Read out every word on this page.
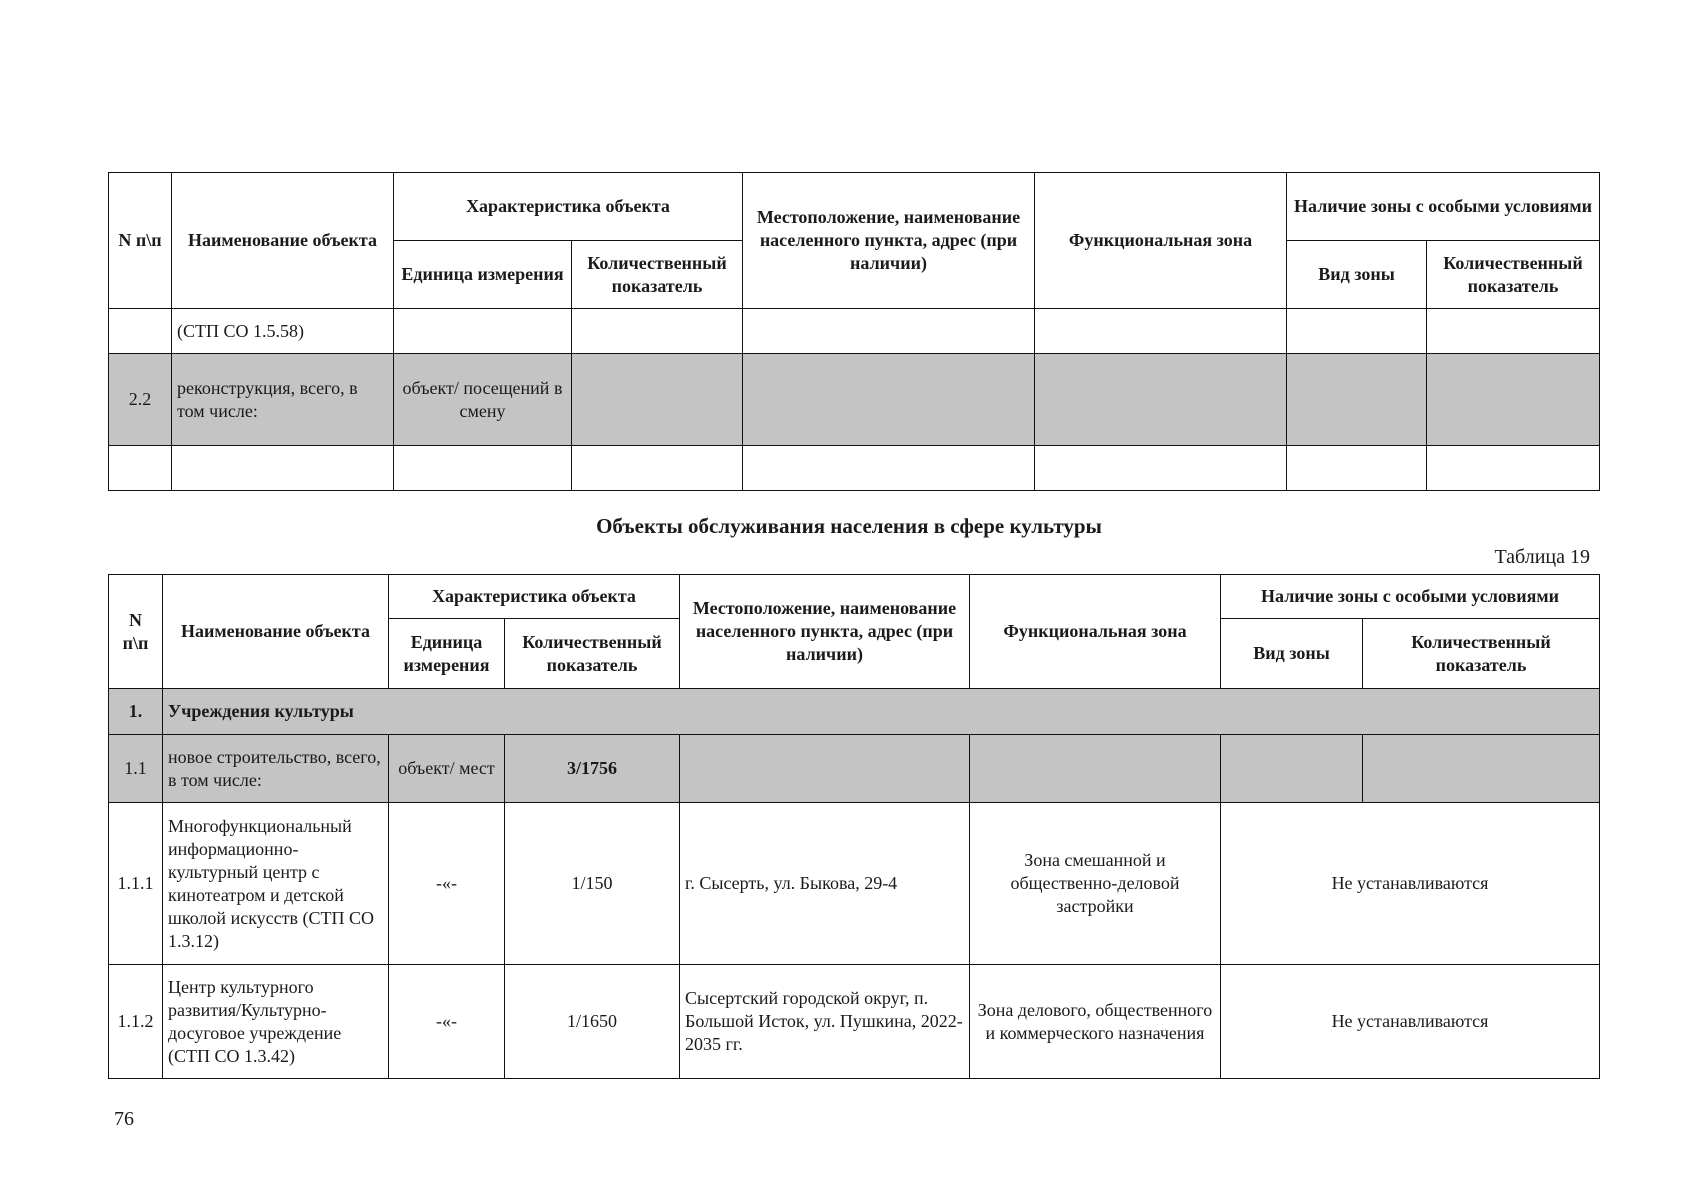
N п\п	Наименование объекта	Характеристика объекта		Местоположение, наименование населенного пункта, адрес (при наличии)	Функциональная зона	Наличие зоны с особыми условиями	
		Единица измерения	Количественный показатель			Вид зоны	Количественный показатель
	(СТП СО 1.5.58)						
2.2	реконструкция, всего, в том числе:	объект/ посещений в смену					

Объекты обслуживания населения в сфере культуры
Таблица 19
N п\п	Наименование объекта	Характеристика объекта		Местоположение, наименование населенного пункта, адрес (при наличии)	Функциональная зона	Наличие зоны с особыми условиями	
		Единица измерения	Количественный показатель			Вид зоны	Количественный показатель
1.	Учреждения культуры						
1.1	новое строительство, всего, в том числе:	объект/ мест	3/1756				
1.1.1	Многофункциональный информационно-культурный центр с кинотеатром и детской школой искусств (СТП СО 1.3.12)	-«-	1/150	г. Сысерть, ул. Быкова, 29-4	Зона смешанной и общественно-деловой застройки	Не устанавливаются	
1.1.2	Центр культурного развития/Культурно-досуговое учреждение (СТП СО 1.3.42)	-«-	1/1650	Сысертский городской округ, п. Большой Исток, ул. Пушкина, 2022-2035 гг.	Зона делового, общественного и коммерческого назначения	Не устанавливаются	
76
